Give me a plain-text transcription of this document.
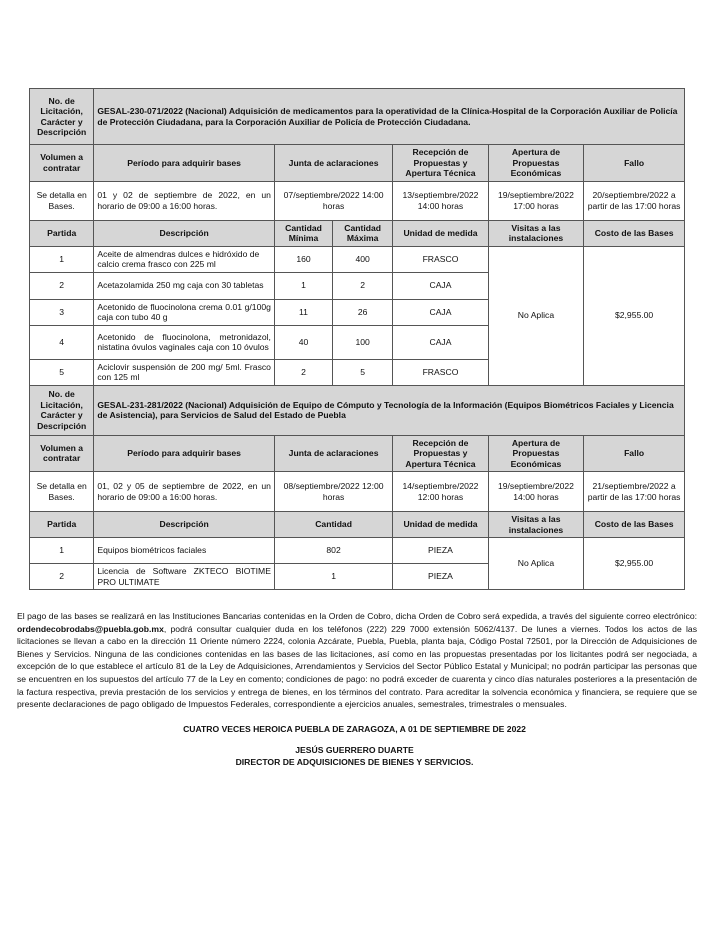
No. de Licitación, Carácter y Descripción	GESAL-230-071/2022 (Nacional) Adquisición de medicamentos para la operatividad de la Clínica-Hospital de la Corporación Auxiliar de Policía de Protección Ciudadana, para la Corporación Auxiliar de Policía de Protección Ciudadana.					
Volumen a contratar	Período para adquirir bases	Junta de aclaraciones		Recepción de Propuestas y Apertura Técnica	Apertura de Propuestas Económicas	Fallo
Se detalla en Bases.	01 y 02 de septiembre de 2022, en un horario de 09:00 a 16:00 horas.	07/septiembre/2022 14:00 horas		13/septiembre/2022 14:00 horas	19/septiembre/2022 17:00 horas	20/septiembre/2022 a partir de las 17:00 horas
Partida	Descripción	Cantidad Mínima	Cantidad Máxima	Unidad de medida	Visitas a las instalaciones	Costo de las Bases
1	Aceite de almendras dulces e hidróxido de calcio crema frasco con 225 ml	160	400	FRASCO	No Aplica	$2,955.00
2	Acetazolamida 250 mg caja con 30 tabletas	1	2	CAJA		
3	Acetonido de fluocinolona crema 0.01 g/100g caja con tubo 40 g	11	26	CAJA		
4	Acetonido de fluocinolona, metronidazol, nistatina óvulos vaginales caja con 10 óvulos	40	100	CAJA		
5	Aciclovir suspensión de 200 mg/ 5ml. Frasco con 125 ml	2	5	FRASCO		
No. de Licitación, Carácter y Descripción	GESAL-231-281/2022 (Nacional) Adquisición de Equipo de Cómputo y Tecnología de la Información (Equipos Biométricos Faciales y Licencia de Asistencia), para Servicios de Salud del Estado de Puebla					
Volumen a contratar	Período para adquirir bases	Junta de aclaraciones		Recepción de Propuestas y Apertura Técnica	Apertura de Propuestas Económicas	Fallo
Se detalla en Bases.	01, 02 y 05 de septiembre de 2022, en un horario de 09:00 a 16:00 horas.	08/septiembre/2022 12:00 horas		14/septiembre/2022 12:00 horas	19/septiembre/2022 14:00 horas	21/septiembre/2022 a partir de las 17:00 horas
Partida	Descripción	Cantidad		Unidad de medida	Visitas a las instalaciones	Costo de las Bases
1	Equipos biométricos faciales	802		PIEZA	No Aplica	$2,955.00
2	Licencia de Software ZKTECO BIOTIME PRO ULTIMATE	1		PIEZA		
El pago de las bases se realizará en las Instituciones Bancarias contenidas en la Orden de Cobro, dicha Orden de Cobro será expedida, a través del siguiente correo electrónico: ordendecobrodabs@puebla.gob.mx, podrá consultar cualquier duda en los teléfonos (222) 229 7000 extensión 5062/4137. De lunes a viernes. Todos los actos de las licitaciones se llevan a cabo en la dirección 11 Oriente número 2224, colonia Azcárate, Puebla, Puebla, planta baja, Código Postal 72501, por la Dirección de Adquisiciones de Bienes y Servicios. Ninguna de las condiciones contenidas en las bases de las licitaciones, así como en las propuestas presentadas por los licitantes podrá ser negociada, a excepción de lo que establece el artículo 81 de la Ley de Adquisiciones, Arrendamientos y Servicios del Sector Público Estatal y Municipal; no podrán participar las personas que se encuentren en los supuestos del artículo 77 de la Ley en comento; condiciones de pago: no podrá exceder de cuarenta y cinco días naturales posteriores a la presentación de la factura respectiva, previa prestación de los servicios y entrega de bienes, en los términos del contrato. Para acreditar la solvencia económica y financiera, se requiere que se presente declaraciones de pago obligado de Impuestos Federales, correspondiente a ejercicios anuales, semestrales, trimestrales o mensuales.
CUATRO VECES HEROICA PUEBLA DE ZARAGOZA, A 01 DE SEPTIEMBRE DE 2022
JESÚS GUERRERO DUARTE
DIRECTOR DE ADQUISICIONES DE BIENES Y SERVICIOS.
